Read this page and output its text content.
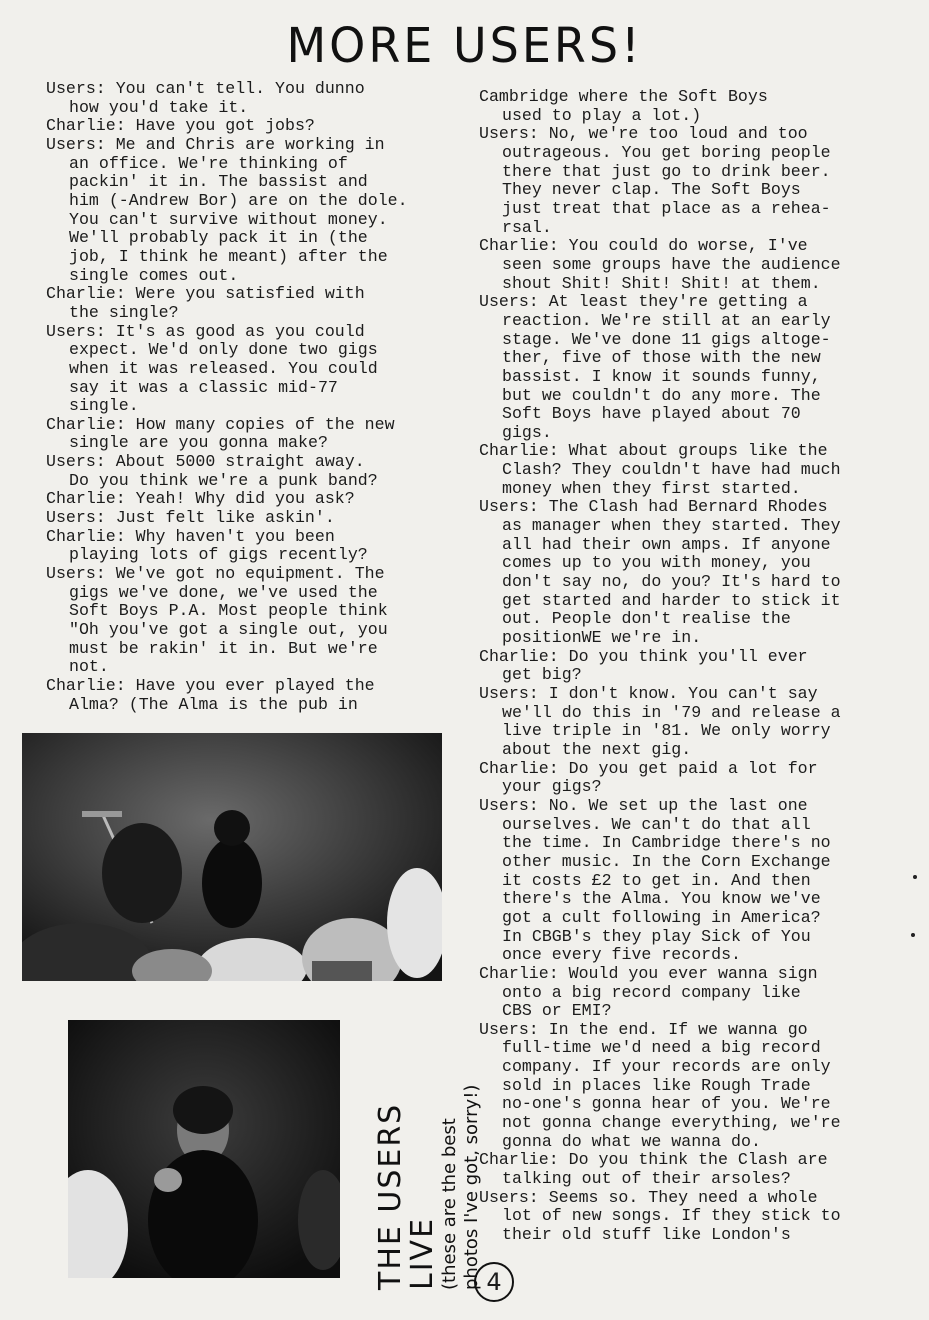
MORE USERS!

Users: You can't tell. You dunno
how you'd take it.

Charlie: Have you got jobs?

Users: Me and Chris are working in
an office. We're thinking of
packin' it in. The bassist and
him (-Andrew Bor) are on the dole.
You can't survive without money.
We'll probably pack it in (the
job, I think he meant) after the
single comes out.

Charlie: Were you satisfied with
the single?

Users: It's as good as you could
expect. We'd only done two gigs
when it was released. You could
say it was a classic mid-77
single.

Charlie: How many copies of the new
single are you gonna make?

Users: About 5000 straight away.
Do you think we're a punk band?

Charlie: Yeah! Why did you ask?

Users: Just felt like askin'.

Charlie: Why haven't you been
playing lots of gigs recently?

Users: We've got no equipment. The
gigs we've done, we've used the
Soft Boys P.A. Most people think
"Oh you've got a single out, you
must be rakin' it in. But we're
not.

Charlie: Have you ever played the
Alma? (The Alma is the pub in

Cambridge where the Soft Boys
used to play a lot.)

Users: No, we're too loud and too
outrageous. You get boring people
there that just go to drink beer.
They never clap. The Soft Boys
just treat that place as a rehea-
rsal.

Charlie: You could do worse, I've
seen some groups have the audience
shout Shit! Shit! Shit! at them.

Users: At least they're getting a
reaction. We're still at an early
stage. We've done 11 gigs altoge-
ther, five of those with the new
bassist. I know it sounds funny,
but we couldn't do any more. The
Soft Boys have played about 70
gigs.

Charlie: What about groups like the
Clash? They couldn't have had much
money when they first started.

Users: The Clash had Bernard Rhodes
as manager when they started. They
all had their own amps. If anyone
comes up to you with money, you
don't say no, do you? It's hard to
get started and harder to stick it
out. People don't realise the
positionWE we're in.

Charlie: Do you think you'll ever
get big?

Users: I don't know. You can't say
we'll do this in '79 and release a
live triple in '81. We only worry
about the next gig.

Charlie: Do you get paid a lot for
your gigs?

Users: No. We set up the last one
ourselves. We can't do that all
the time. In Cambridge there's no
other music. In the Corn Exchange
it costs £2 to get in. And then
there's the Alma. You know we've
got a cult following in America?
In CBGB's they play Sick of You
once every five records.

Charlie: Would you ever wanna sign
onto a big record company like
CBS or EMI?

Users: In the end. If we wanna go
full-time we'd need a big record
company. If your records are only
sold in places like Rough Trade
no-one's gonna hear of you. We're
not gonna change everything, we're
gonna do what we wanna do.

Charlie: Do you think the Clash are
talking out of their arsoles?

Users: Seems so. They need a whole
lot of new songs. If they stick to
their old stuff like London's

THE USERS LIVE (these are the best photos I've got, sorry!) 4
